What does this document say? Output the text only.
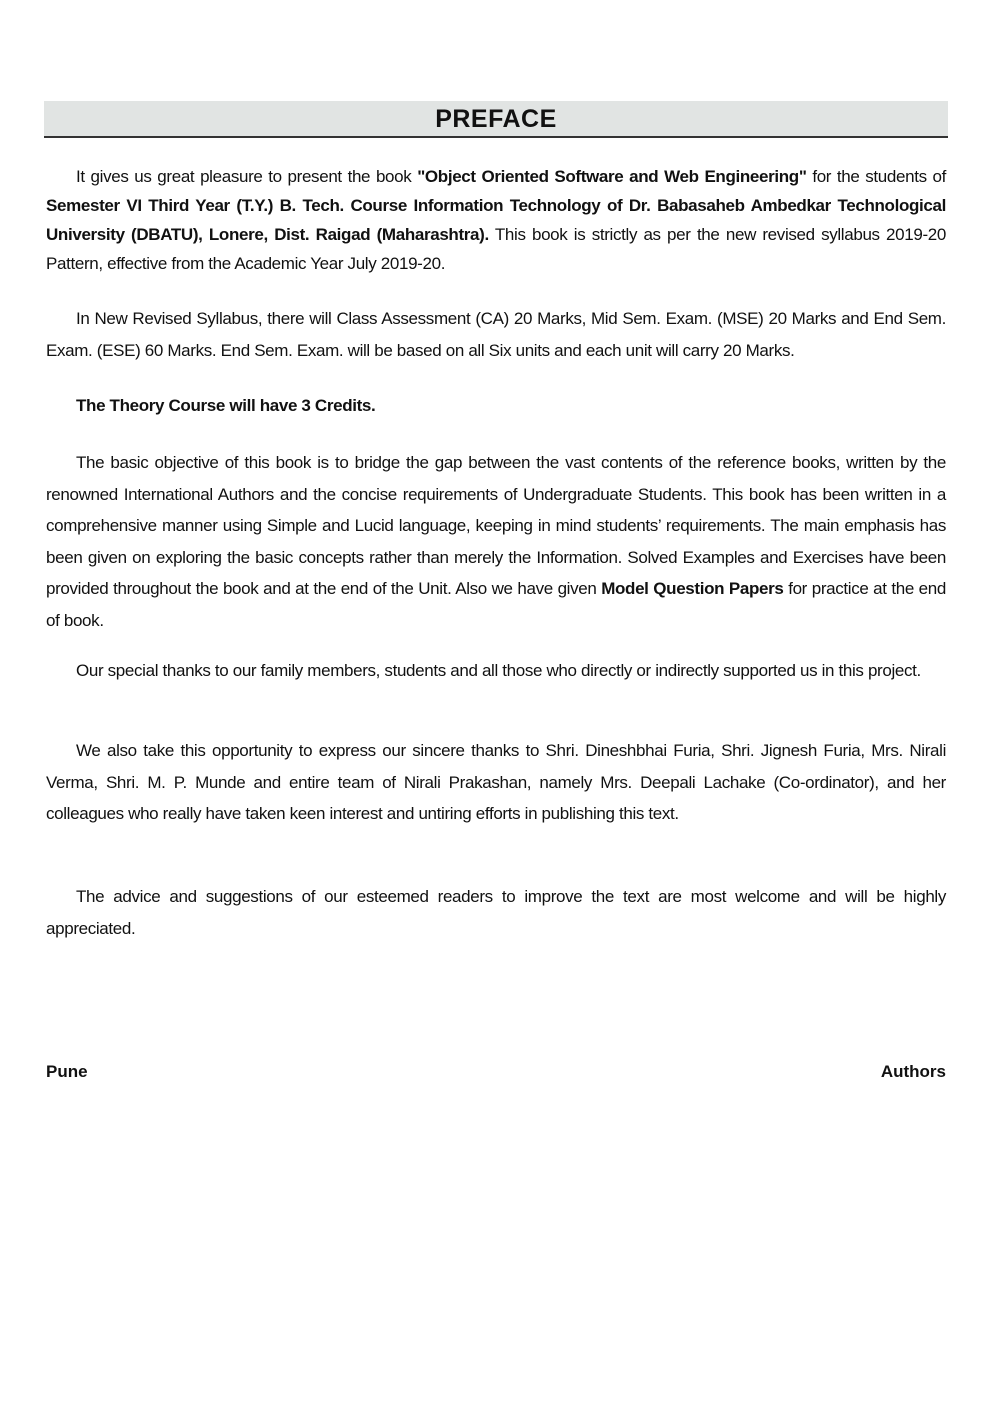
PREFACE

It gives us great pleasure to present the book "Object Oriented Software and Web Engineering" for the students of Semester VI Third Year (T.Y.) B. Tech. Course Information Technology of Dr. Babasaheb Ambedkar Technological University (DBATU), Lonere, Dist. Raigad (Maharashtra). This book is strictly as per the new revised syllabus 2019-20 Pattern, effective from the Academic Year July 2019-20.

In New Revised Syllabus, there will Class Assessment (CA) 20 Marks, Mid Sem. Exam. (MSE) 20 Marks and End Sem. Exam. (ESE) 60 Marks. End Sem. Exam. will be based on all Six units and each unit will carry 20 Marks.

The Theory Course will have 3 Credits.

The basic objective of this book is to bridge the gap between the vast contents of the reference books, written by the renowned International Authors and the concise requirements of Undergraduate Students. This book has been written in a comprehensive manner using Simple and Lucid language, keeping in mind students’ requirements. The main emphasis has been given on exploring the basic concepts rather than merely the Information. Solved Examples and Exercises have been provided throughout the book and at the end of the Unit. Also we have given Model Question Papers for practice at the end of book.

Our special thanks to our family members, students and all those who directly or indirectly supported us in this project.

We also take this opportunity to express our sincere thanks to Shri. Dineshbhai Furia, Shri. Jignesh Furia, Mrs. Nirali Verma, Shri. M. P. Munde and entire team of Nirali Prakashan, namely Mrs. Deepali Lachake (Co-ordinator), and her colleagues who really have taken keen interest and untiring efforts in publishing this text.

The advice and suggestions of our esteemed readers to improve the text are most welcome and will be highly appreciated.

Pune	Authors
